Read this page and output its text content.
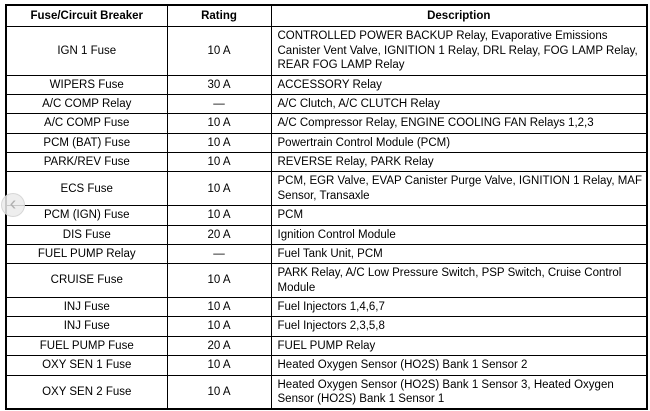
Fuse/Circuit Breaker	Rating	Description
IGN 1 Fuse	10 A	CONTROLLED POWER BACKUP Relay, Evaporative Emissions Canister Vent Valve, IGNITION 1 Relay, DRL Relay, FOG LAMP Relay, REAR FOG LAMP Relay
WIPERS Fuse	30 A	ACCESSORY Relay
A/C COMP Relay	—	A/C Clutch, A/C CLUTCH Relay
A/C COMP Fuse	10 A	A/C Compressor Relay, ENGINE COOLING FAN Relays 1,2,3
PCM (BAT) Fuse	10 A	Powertrain Control Module (PCM)
PARK/REV Fuse	10 A	REVERSE Relay, PARK Relay
ECS Fuse	10 A	PCM, EGR Valve, EVAP Canister Purge Valve, IGNITION 1 Relay, MAF Sensor, Transaxle
PCM (IGN) Fuse	10 A	PCM
DIS Fuse	20 A	Ignition Control Module
FUEL PUMP Relay	—	Fuel Tank Unit, PCM
CRUISE Fuse	10 A	PARK Relay, A/C Low Pressure Switch, PSP Switch, Cruise Control Module
INJ Fuse	10 A	Fuel Injectors 1,4,6,7
INJ Fuse	10 A	Fuel Injectors 2,3,5,8
FUEL PUMP Fuse	20 A	FUEL PUMP Relay
OXY SEN 1 Fuse	10 A	Heated Oxygen Sensor (HO2S) Bank 1 Sensor 2
OXY SEN 2 Fuse	10 A	Heated Oxygen Sensor (HO2S) Bank 1 Sensor 3, Heated Oxygen Sensor (HO2S) Bank 1 Sensor 1
‹
